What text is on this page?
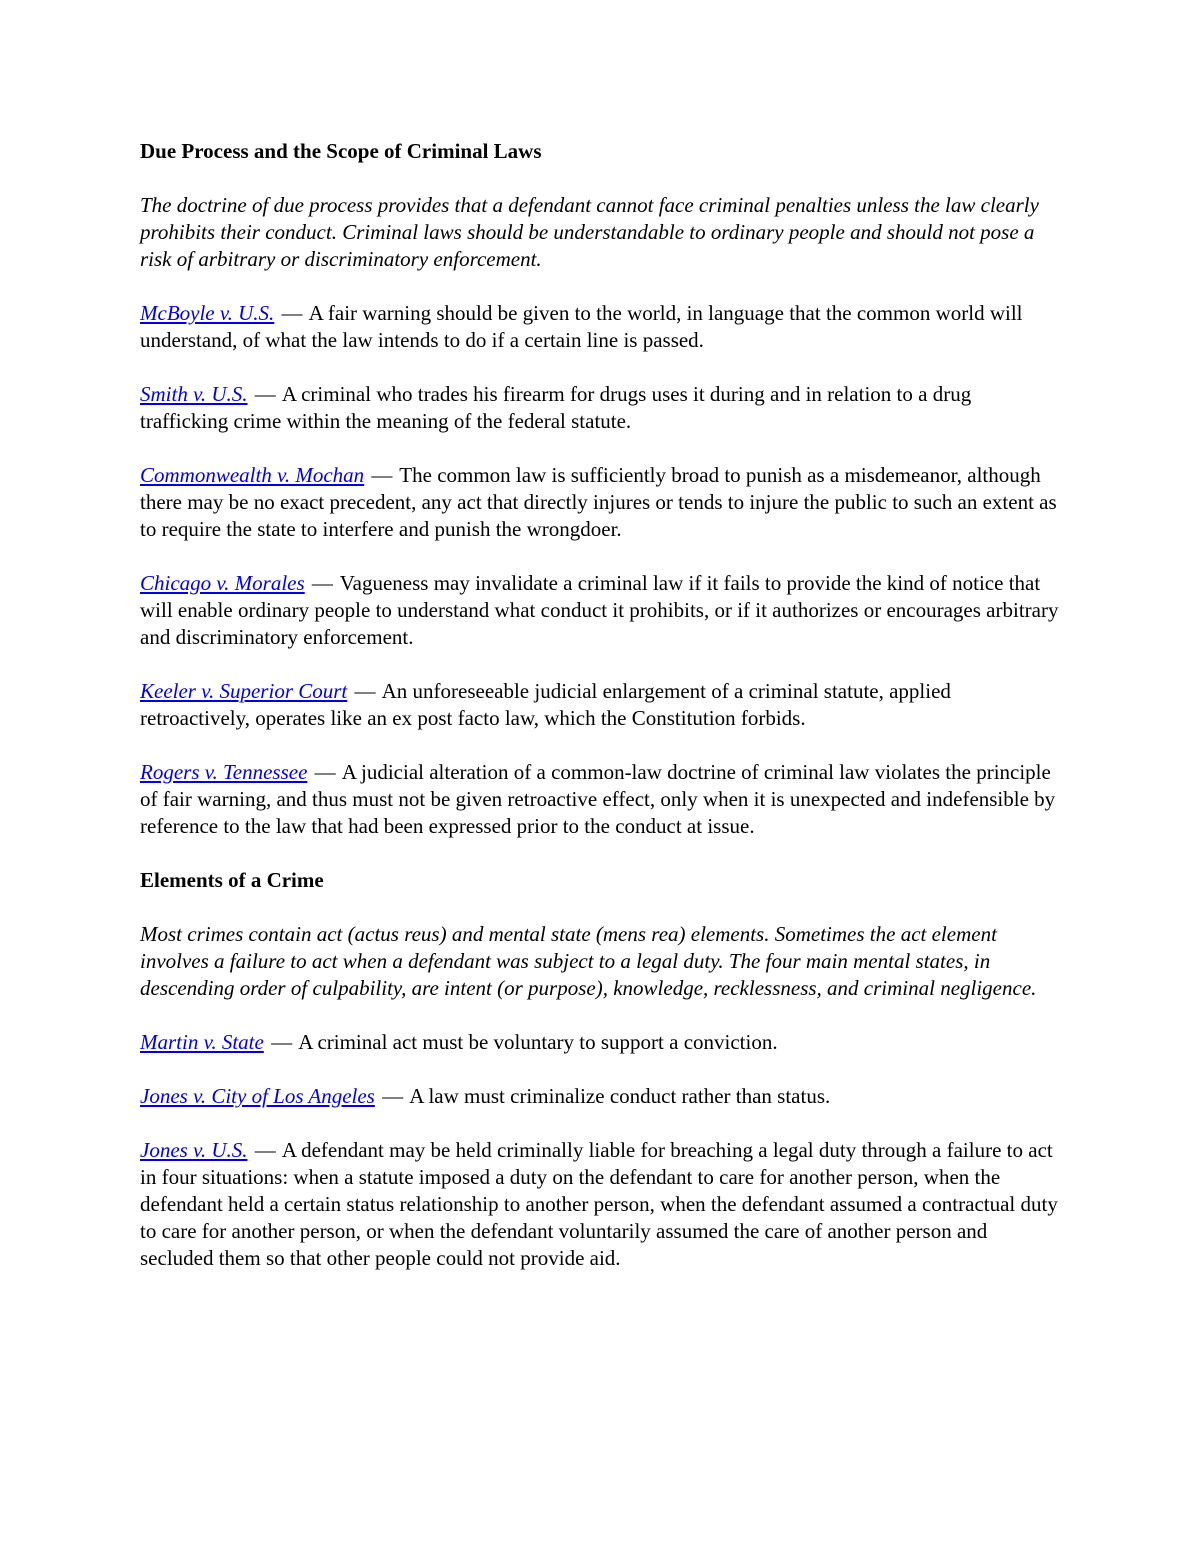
Due Process and the Scope of Criminal Laws

The doctrine of due process provides that a defendant cannot face criminal penalties unless the law clearly prohibits their conduct. Criminal laws should be understandable to ordinary people and should not pose a risk of arbitrary or discriminatory enforcement.

McBoyle v. U.S. — A fair warning should be given to the world, in language that the common world will understand, of what the law intends to do if a certain line is passed.

Smith v. U.S. — A criminal who trades his firearm for drugs uses it during and in relation to a drug trafficking crime within the meaning of the federal statute.

Commonwealth v. Mochan — The common law is sufficiently broad to punish as a misdemeanor, although there may be no exact precedent, any act that directly injures or tends to injure the public to such an extent as to require the state to interfere and punish the wrongdoer.

Chicago v. Morales — Vagueness may invalidate a criminal law if it fails to provide the kind of notice that will enable ordinary people to understand what conduct it prohibits, or if it authorizes or encourages arbitrary and discriminatory enforcement.

Keeler v. Superior Court — An unforeseeable judicial enlargement of a criminal statute, applied retroactively, operates like an ex post facto law, which the Constitution forbids.

Rogers v. Tennessee — A judicial alteration of a common-law doctrine of criminal law violates the principle of fair warning, and thus must not be given retroactive effect, only when it is unexpected and indefensible by reference to the law that had been expressed prior to the conduct at issue.

Elements of a Crime

Most crimes contain act (actus reus) and mental state (mens rea) elements. Sometimes the act element involves a failure to act when a defendant was subject to a legal duty. The four main mental states, in descending order of culpability, are intent (or purpose), knowledge, recklessness, and criminal negligence.

Martin v. State — A criminal act must be voluntary to support a conviction.

Jones v. City of Los Angeles — A law must criminalize conduct rather than status.

Jones v. U.S. — A defendant may be held criminally liable for breaching a legal duty through a failure to act in four situations: when a statute imposed a duty on the defendant to care for another person, when the defendant held a certain status relationship to another person, when the defendant assumed a contractual duty to care for another person, or when the defendant voluntarily assumed the care of another person and secluded them so that other people could not provide aid.
